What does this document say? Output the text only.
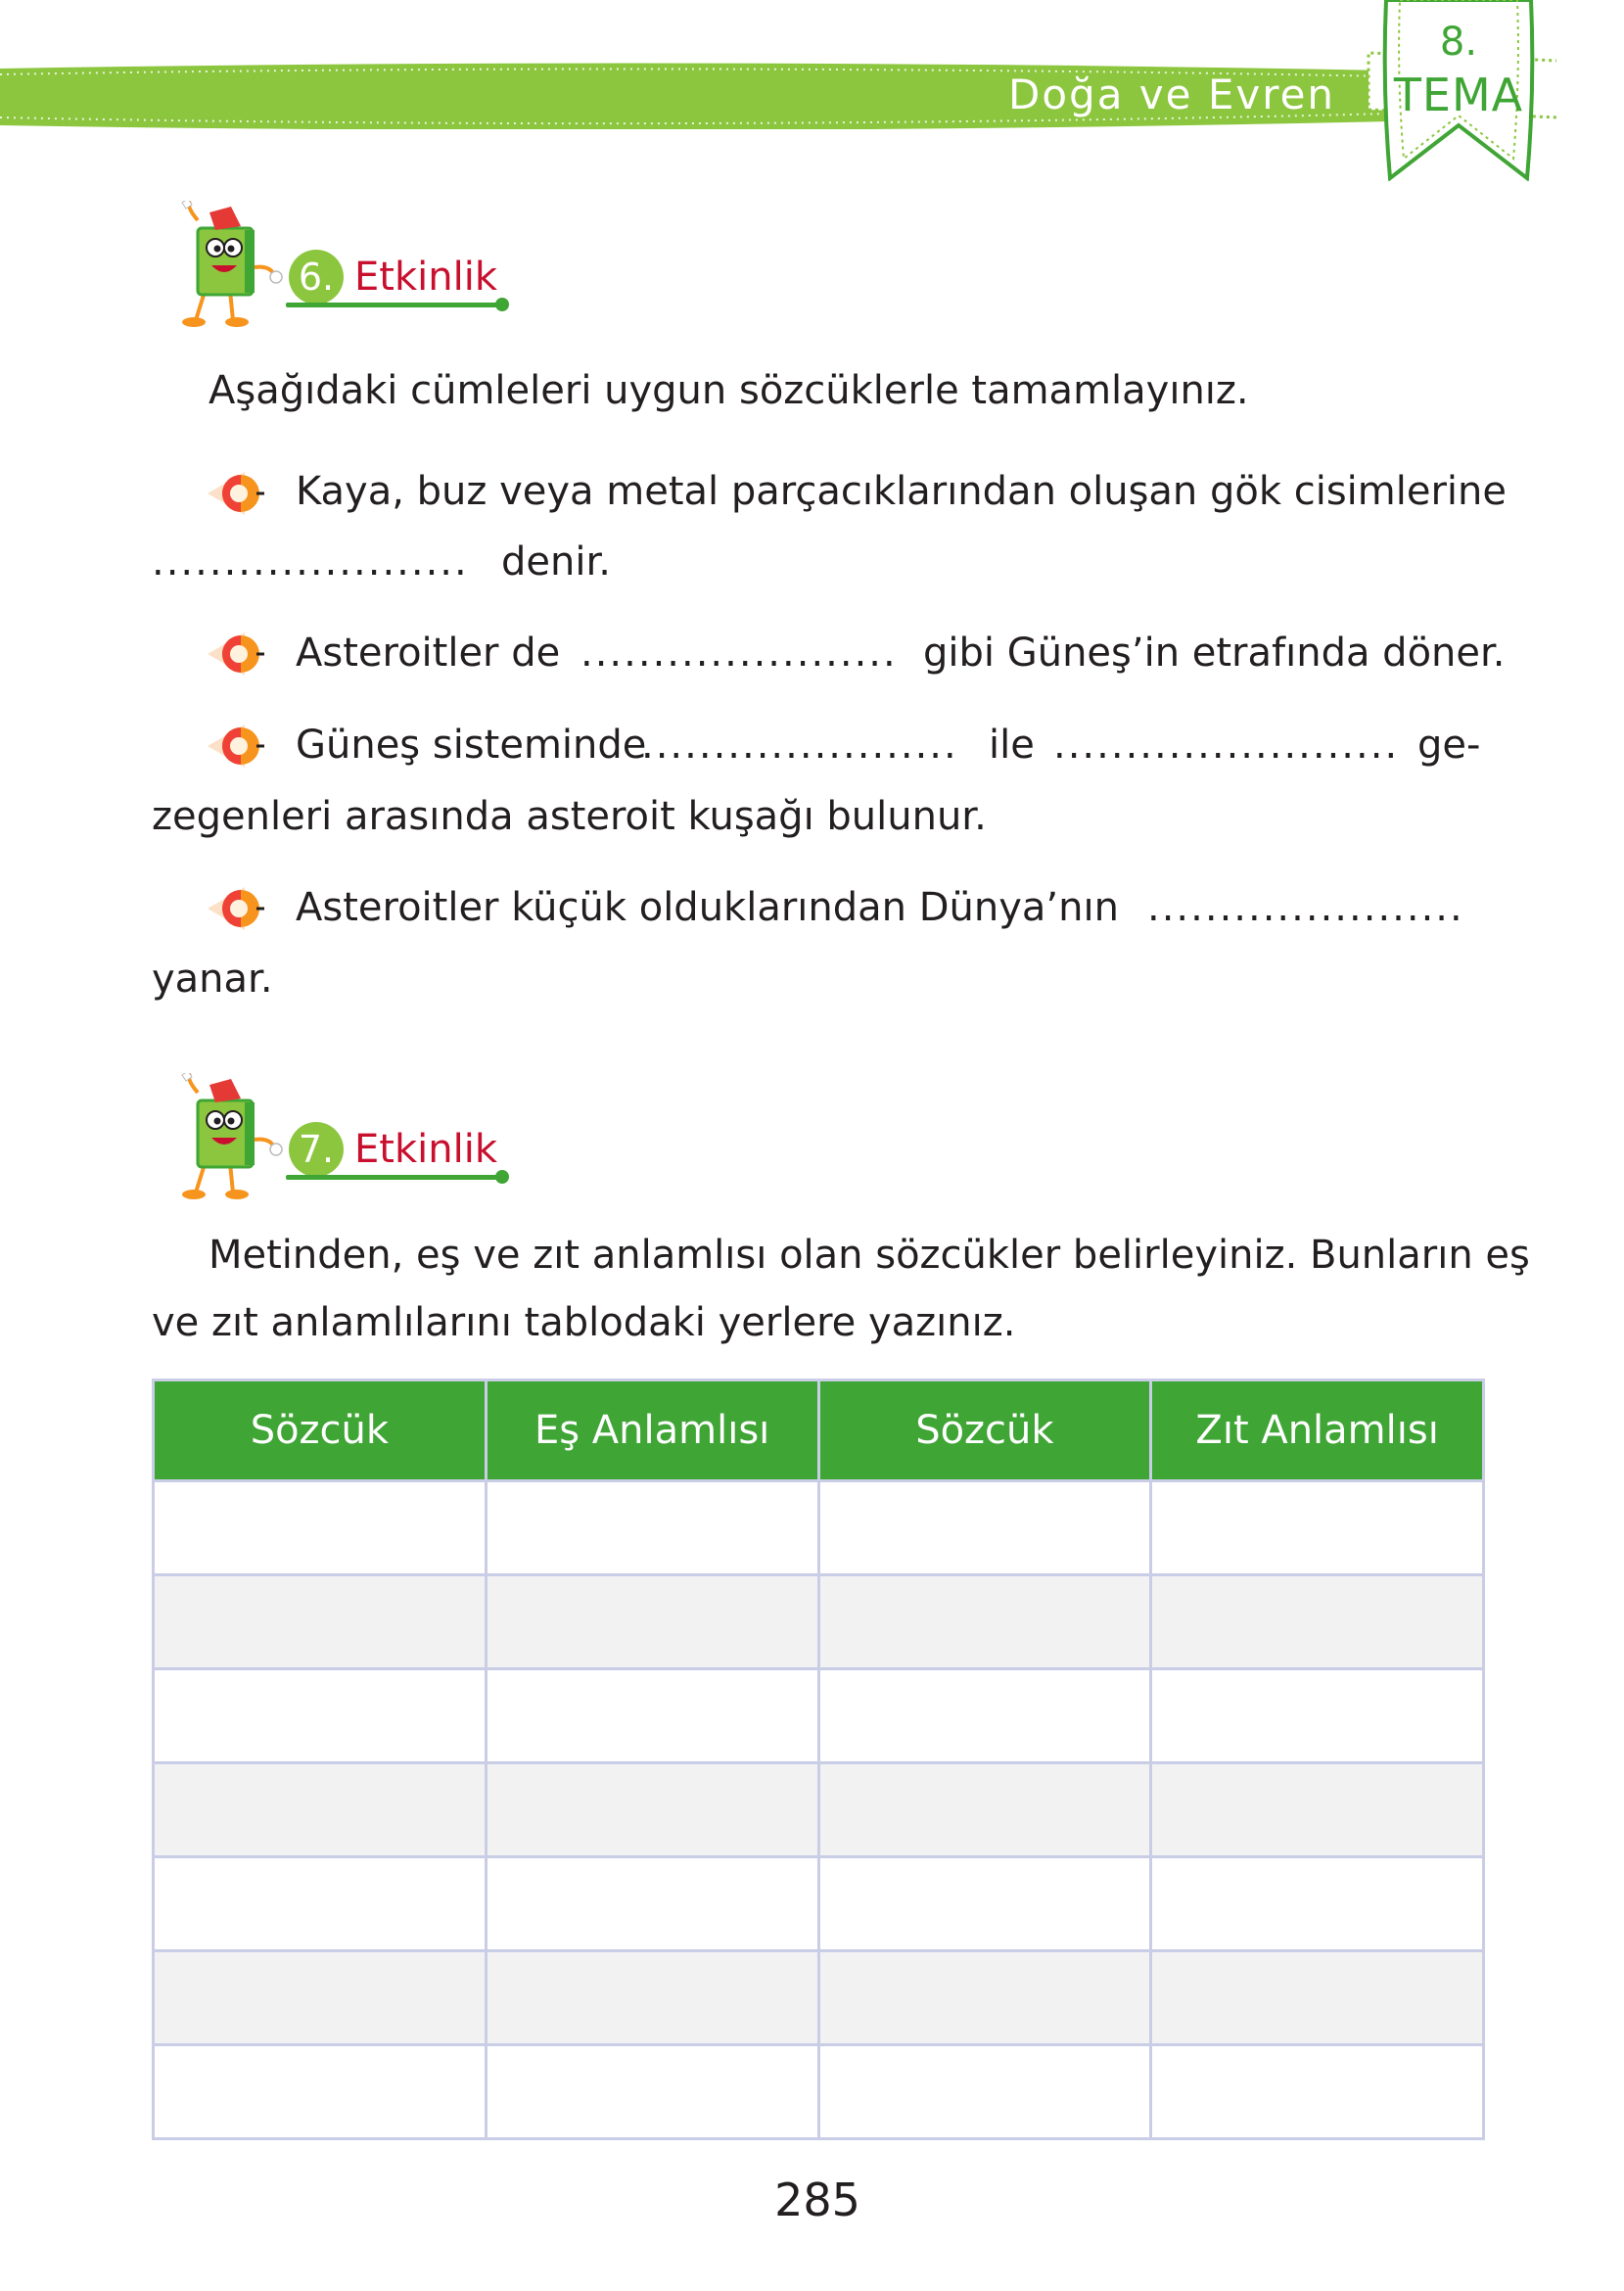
Doğa ve Evren
8.
TEMA
6. Etkinlik
Aşağıdaki cümleleri uygun sözcüklerle tamamlayınız.
Kaya, buz veya metal parçacıklarından oluşan gök cisimlerine
...................... denir.
Asteroitler de ...................... gibi Güneş’in etrafında döner.
Güneş sisteminde
...................... ile ........................ ge-
zegenleri arasında asteroit kuşağı bulunur.
Asteroitler küçük olduklarından Dünya’nın ......................
yanar.
7. Etkinlik
Metinden, eş ve zıt anlamlısı olan sözcükler belirleyiniz. Bunların eş
ve zıt anlamlılarını tablodaki yerlere yazınız.
Sözcük	Eş Anlamlısı	Sözcük	Zıt Anlamlısı

285
